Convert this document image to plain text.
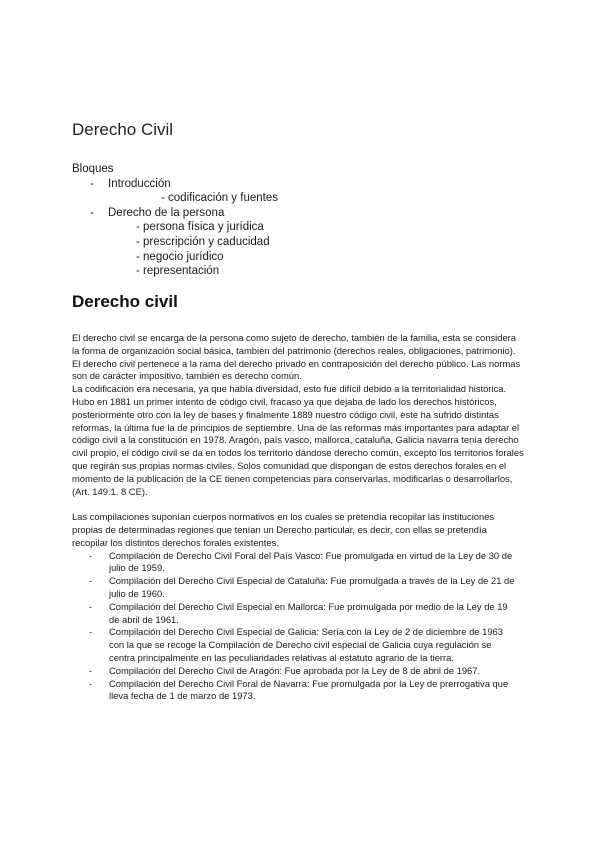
Derecho Civil
Bloques
- Introducción
- codificación y fuentes
- Derecho de la persona
- persona física y jurídica
- prescripción y caducidad
- negocio jurídico
- representación
Derecho civil

El derecho civil se encarga de la persona como sujeto de derecho, también de la familia, esta se considera la forma de organización social básica, también del patrimonio (derechos reales, obligaciones, patrimonio). El derecho civil pertenece a la rama del derecho privado en contraposición del derecho público. Las normas son de carácter impositivo, también es derecho común.

La codificación era necesaria, ya que había diversidad, esto fue difícil debido a la territorialidad histórica. Hubo en 1881 un primer intento de código civil, fracaso ya que dejaba de lado los derechos históricos, posteriormente otro con la ley de bases y finalmente 1889 nuestro código civil, este ha sufrido distintas reformas, la última fue la de principios de septiembre. Una de las reformas más importantes para adaptar el código civil a la constitución en 1978. Aragón, país vasco, mallorca, cataluña, Galicia navarra tenía derecho civil propio, el código civil se da en todos los territorio dándose derecho común, excepto los territorios forales que regirán sus propias normas civiles. Solos comunidad que dispongan de estos derechos forales en el momento de la publicación de la CE tienen competencias para conservarlas, modificarlas o desarrollarlos, (Art. 149.1. 8 CE).

Las compilaciones suponían cuerpos normativos en los cuales se pretendía recopilar las instituciones propias de determinadas regiones que tenían un Derecho particular, es decir, con ellas se pretendía recopilar los distintos derechos forales existentes.

- Compilación de Derecho Civil Foral del País Vasco: Fue promulgada en virtud de la Ley de 30 de julio de 1959.
- Compilación del Derecho Civil Especial de Cataluña: Fue promulgada a través de la Ley de 21 de julio de 1960.
- Compilación del Derecho Civil Especial en Mallorca: Fue promulgada por medio de la Ley de 19 de abril de 1961.
- Compilación del Derecho Civil Especial de Galicia: Sería con la Ley de 2 de diciembre de 1963 con la que se recoge la Compilación de Derecho civil especial de Galicia cuya regulación se centra principalmente en las peculiaridades relativas al estatuto agrario de la tierra.
- Compilación del Derecho Civil de Aragón: Fue aprobada por la Ley de 8 de abril de 1967.
- Compilación del Derecho Civil Foral de Navarra: Fue promulgada por la Ley de prerrogativa que lleva fecha de 1 de marzo de 1973.
